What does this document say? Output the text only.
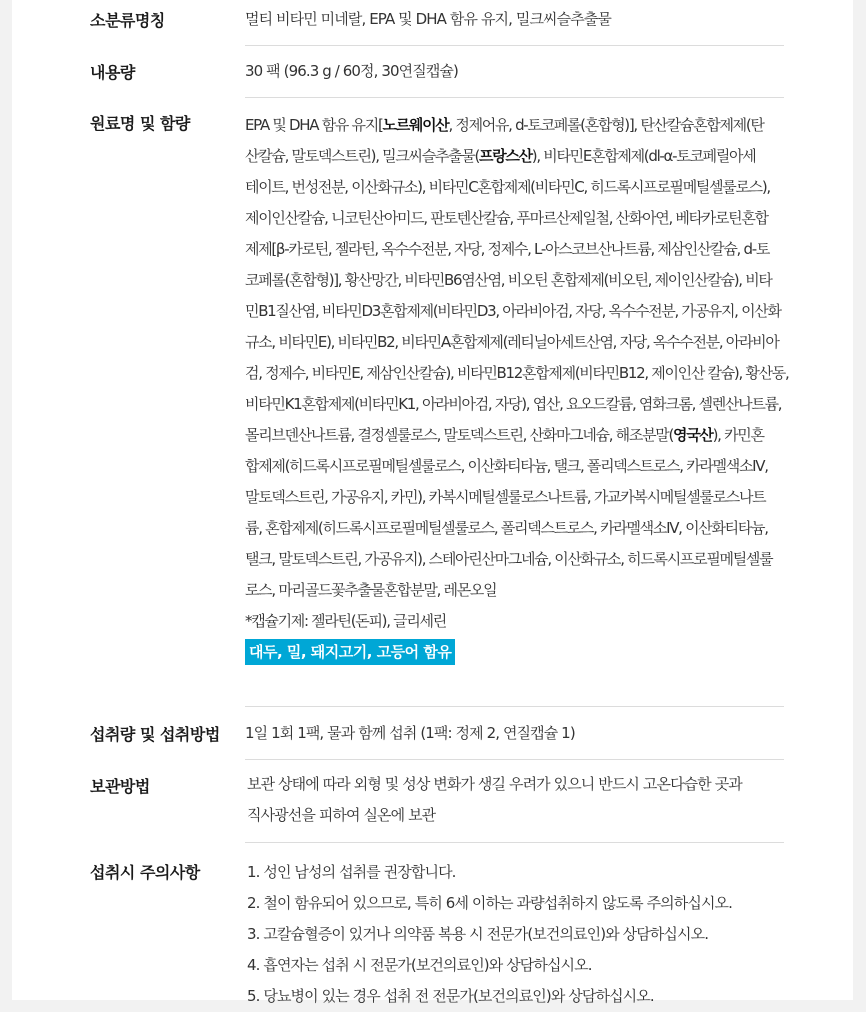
소분류명칭	멀티 비타민 미네랄, EPA 및 DHA 함유 유지, 밀크씨슬추출물
내용량	30 팩 (96.3 g / 60정, 30연질캡슐)
원료명 및 함량	EPA 및 DHA 함유 유지[노르웨이산, 정제어유, d-토코페롤(혼합형)], 탄산칼슘혼합제제(탄
산칼슘, 말토덱스트린), 밀크씨슬추출물(프랑스산), 비타민E혼합제제(dl-α-토코페릴아세
테이트, 번성전분, 이산화규소), 비타민C혼합제제(비타민C, 히드록시프로필메틸셀룰로스),
제이인산칼슘, 니코틴산아미드, 판토텐산칼슘, 푸마르산제일철, 산화아연, 베타카로틴혼합
제제[β-카로틴, 젤라틴, 옥수수전분, 자당, 정제수, L-아스코브산나트륨, 제삼인산칼슘, d-토
코페롤(혼합형)], 황산망간, 비타민B6염산염, 비오틴 혼합제제(비오틴, 제이인산칼슘), 비타
민B1질산염, 비타민D3혼합제제(비타민D3, 아라비아검, 자당, 옥수수전분, 가공유지, 이산화
규소, 비타민E), 비타민B2, 비타민A혼합제제(레티닐아세트산염, 자당, 옥수수전분, 아라비아
검, 정제수, 비타민E, 제삼인산칼슘), 비타민B12혼합제제(비타민B12, 제이인산 칼슘), 황산동,
비타민K1혼합제제(비타민K1, 아라비아검, 자당), 엽산, 요오드칼륨, 염화크롬, 셀렌산나트륨,
몰리브덴산나트륨, 결정셀룰로스, 말토덱스트린, 산화마그네슘, 해조분말(영국산), 카민혼
합제제(히드록시프로필메틸셀룰로스, 이산화티타늄, 탤크, 폴리덱스트로스, 카라멜색소IV,
말토덱스트린, 가공유지, 카민), 카복시메틸셀룰로스나트륨, 가교카복시메틸셀룰로스나트
륨, 혼합제제(히드록시프로필메틸셀룰로스, 폴리덱스트로스, 카라멜색소IV, 이산화티타늄,
탤크, 말토덱스트린, 가공유지), 스테아린산마그네슘, 이산화규소, 히드록시프로필메틸셀룰
로스, 마리골드꽃추출물혼합분말, 레몬오일
*캡슐기제: 젤라틴(돈피), 글리세린
대두, 밀, 돼지고기, 고등어 함유
섭취량 및 섭취방법	1일 1회 1팩, 물과 함께 섭취 (1팩: 정제 2, 연질캡슐 1)
보관방법	보관 상태에 따라 외형 및 성상 변화가 생길 우려가 있으니 반드시 고온다습한 곳과
직사광선을 피하여 실온에 보관
섭취시 주의사항	1. 성인 남성의 섭취를 권장합니다.
2. 철이 함유되어 있으므로, 특히 6세 이하는 과량섭취하지 않도록 주의하십시오.
3. 고칼슘혈증이 있거나 의약품 복용 시 전문가(보건의료인)와 상담하십시오.
4. 흡연자는 섭취 시 전문가(보건의료인)와 상담하십시오.
5. 당뇨병이 있는 경우 섭취 전 전문가(보건의료인)와 상담하십시오.
